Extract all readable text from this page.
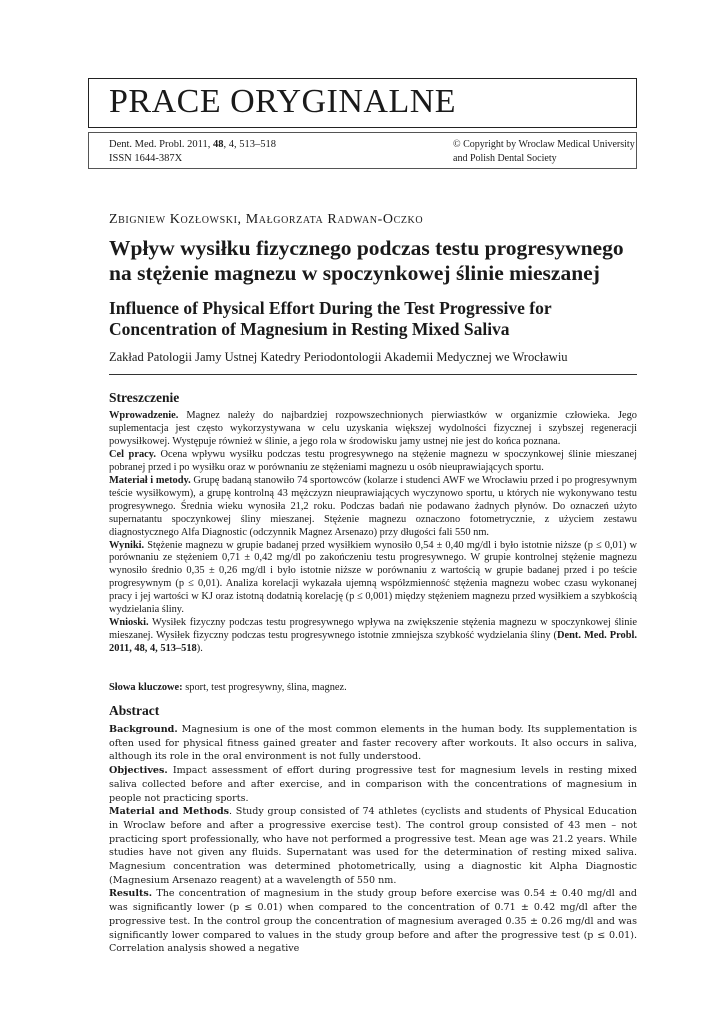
PRACE ORYGINALNE
Dent. Med. Probl. 2011, 48, 4, 513–518
ISSN 1644-387X
© Copyright by Wroclaw Medical University
and Polish Dental Society
Zbigniew Kozłowski, Małgorzata Radwan-Oczko
Wpływ wysiłku fizycznego podczas testu progresywnego
na stężenie magnezu w spoczynkowej ślinie mieszanej
Influence of Physical Effort During the Test Progressive for
Concentration of Magnesium in Resting Mixed Saliva
Zakład Patologii Jamy Ustnej Katedry Periodontologii Akademii Medycznej we Wrocławiu
Streszczenie

Wprowadzenie. Magnez należy do najbardziej rozpowszechnionych pierwiastków w organizmie człowieka. Jego suplementacja jest często wykorzystywana w celu uzyskania większej wydolności fizycznej i szybszej regeneracji powysiłkowej. Występuje również w ślinie, a jego rola w środowisku jamy ustnej nie jest do końca poznana.

Cel pracy. Ocena wpływu wysiłku podczas testu progresywnego na stężenie magnezu w spoczynkowej ślinie mieszanej pobranej przed i po wysiłku oraz w porównaniu ze stężeniami magnezu u osób nieuprawiających sportu.

Materiał i metody. Grupę badaną stanowiło 74 sportowców (kolarze i studenci AWF we Wrocławiu przed i po progresywnym teście wysiłkowym), a grupę kontrolną 43 mężczyzn nieuprawiających wyczynowo sportu, u których nie wykonywano testu progresywnego. Średnia wieku wynosiła 21,2 roku. Podczas badań nie podawano żadnych płynów. Do oznaczeń użyto supernatantu spoczynkowej śliny mieszanej. Stężenie magnezu oznaczono fotometrycznie, z użyciem zestawu diagnostycznego Alfa Diagnostic (odczynnik Magnez Arsenazo) przy długości fali 550 nm.

Wyniki. Stężenie magnezu w grupie badanej przed wysiłkiem wynosiło 0,54 ± 0,40 mg/dl i było istotnie niższe (p ≤ 0,01) w porównaniu ze stężeniem 0,71 ± 0,42 mg/dl po zakończeniu testu progresywnego. W grupie kontrolnej stężenie magnezu wynosiło średnio 0,35 ± 0,26 mg/dl i było istotnie niższe w porównaniu z wartością w grupie badanej przed i po teście progresywnym (p ≤ 0,01). Analiza korelacji wykazała ujemną współzmienność stężenia magnezu wobec czasu wykonanej pracy i jej wartości w KJ oraz istotną dodatnią korelację (p ≤ 0,001) między stężeniem magnezu przed wysiłkiem a szybkością wydzielania śliny.

Wnioski. Wysiłek fizyczny podczas testu progresywnego wpływa na zwiększenie stężenia magnezu w spoczynkowej ślinie mieszanej. Wysiłek fizyczny podczas testu progresywnego istotnie zmniejsza szybkość wydzielania śliny (Dent. Med. Probl. 2011, 48, 4, 513–518).

Słowa kluczowe: sport, test progresywny, ślina, magnez.
Abstract

Background. Magnesium is one of the most common elements in the human body. Its supplementation is often used for physical fitness gained greater and faster recovery after workouts. It also occurs in saliva, although its role in the oral environment is not fully understood.

Objectives. Impact assessment of effort during progressive test for magnesium levels in resting mixed saliva collected before and after exercise, and in comparison with the concentrations of magnesium in people not practicing sports.

Material and Methods. Study group consisted of 74 athletes (cyclists and students of Physical Education in Wroclaw before and after a progressive exercise test). The control group consisted of 43 men – not practicing sport professionally, who have not performed a progressive test. Mean age was 21.2 years. While studies have not given any fluids. Supernatant was used for the determination of resting mixed saliva. Magnesium concentration was determined photometrically, using a diagnostic kit Alpha Diagnostic (Magnesium Arsenazo reagent) at a wavelength of 550 nm.

Results. The concentration of magnesium in the study group before exercise was 0.54 ± 0.40 mg/dl and was significantly lower (p ≤ 0.01) when compared to the concentration of 0.71 ± 0.42 mg/dl after the progressive test. In the control group the concentration of magnesium averaged 0.35 ± 0.26 mg/dl and was significantly lower compared to values in the study group before and after the progressive test (p ≤ 0.01). Correlation analysis showed a negative
